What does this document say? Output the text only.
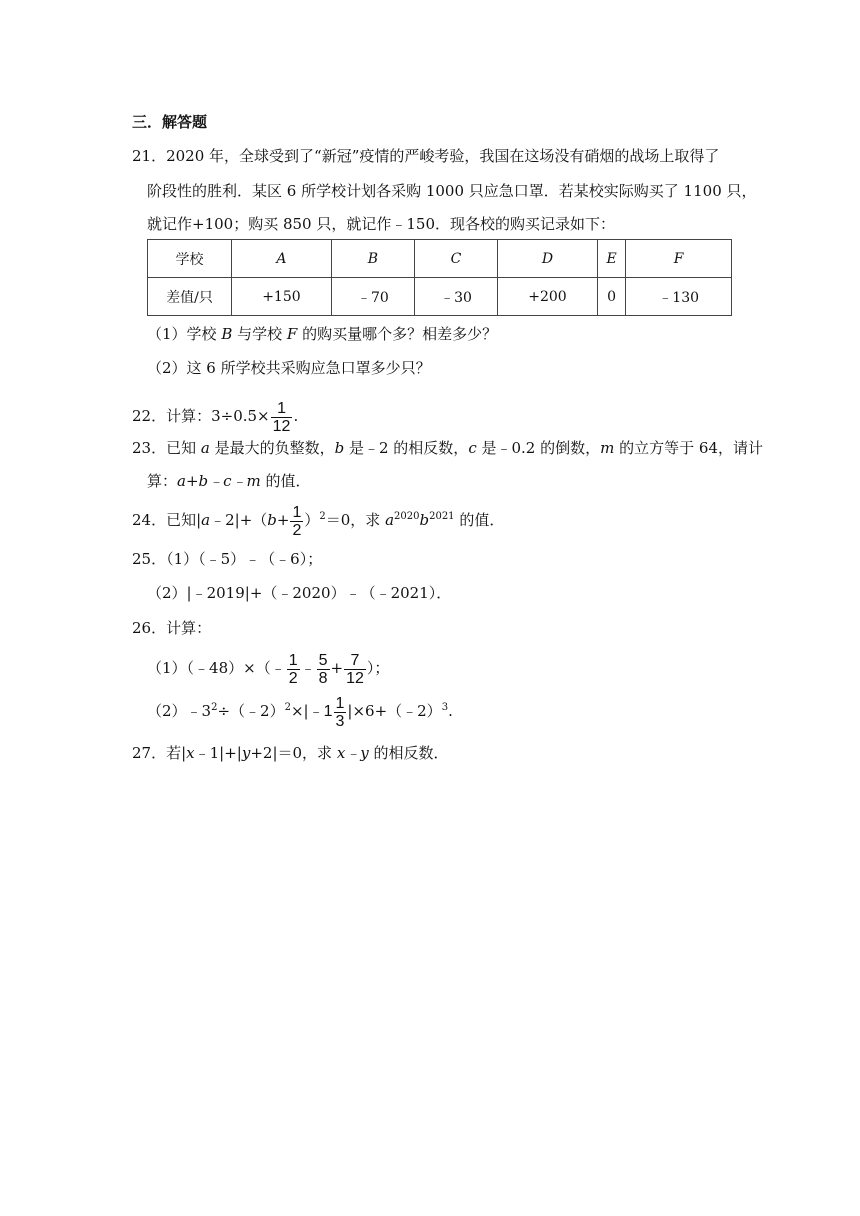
三．解答题
21．2020 年，全球受到了“新冠”疫情的严峻考验，我国在这场没有硝烟的战场上取得了
阶段性的胜利．某区 6 所学校计划各采购 1000 只应急口罩．若某校实际购买了 1100 只，
就记作+100；购买 850 只，就记作﹣150．现各校的购买记录如下：
学校	A	B	C	D	E	F
差值/只	+150	﹣70	﹣30	+200	0	﹣130
（1）学校 B 与学校 F 的购买量哪个多？相差多少？
（2）这 6 所学校共采购应急口罩多少只？
22．计算：$3\div 0.5\times \frac{1}{12}$ .
23．已知 a 是最大的负整数，b 是﹣2 的相反数，c 是﹣0.2 的倒数，m 的立方等于 64，请计
算：a+b﹣c﹣m 的值．
24．已知|a﹣2|+（b+ $\frac{1}{2} )^2=0$，求 $a^{2020}b^{2021}$ 的值．
25．（1）（﹣5）﹣（﹣6）；
（2）|﹣2019|+（﹣2020）﹣（﹣2021）．
26．计算：
（1）（﹣48）×（﹣ $\frac{1}{2}$ ﹣ $\frac{5}{8} + \frac{7}{12}$ ）；
$(2)﹣3^2\div(﹣2)^2\times|﹣1 \frac{1}{3}$ |×6+（﹣2）$^3$.
27．若|x﹣1|+|y+2|＝0，求 x﹣y 的相反数．
